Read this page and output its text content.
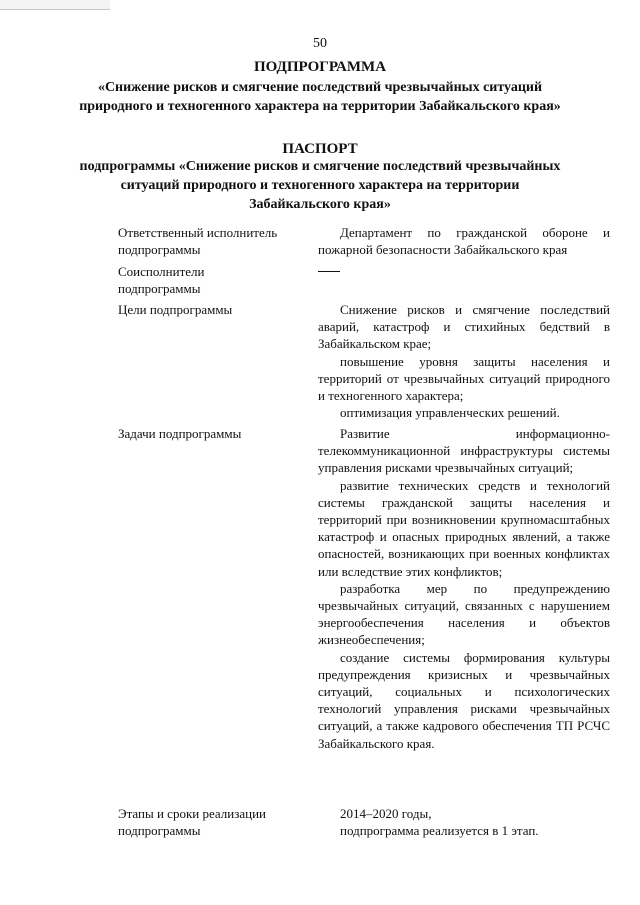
50
ПОДПРОГРАММА
«Снижение рисков и смягчение последствий чрезвычайных ситуаций природного и техногенного характера на территории Забайкальского края»
ПАСПОРТ
подпрограммы «Снижение рисков и смягчение последствий чрезвычайных ситуаций природного и техногенного характера на территории Забайкальского края»
Ответственный исполнитель подпрограммы

Департамент по гражданской обороне и пожарной безопасности Забайкальского края

Соисполнители подпрограммы
Цели подпрограммы	Снижение рисков и смягчение последствий аварий, катастроф и стихийных бедствий в Забайкальском крае;

повышение уровня защиты населения и территорий от чрезвычайных ситуаций природного и техногенного характера;

оптимизация управленческих решений.

Задачи подпрограммы	Развитие информационно-телекоммуникационной инфраструктуры системы управления рисками чрезвычайных ситуаций;

развитие технических средств и технологий системы гражданской защиты населения и территорий при возникновении крупномасштабных катастроф и опасных природных явлений, а также опасностей, возникающих при военных конфликтах или вследствие этих конфликтов;

разработка мер по предупреждению чрезвычайных ситуаций, связанных с нарушением энергообеспечения населения и объектов жизнеобеспечения;

создание системы формирования культуры предупреждения кризисных и чрезвычайных ситуаций, социальных и психологических технологий управления рисками чрезвычайных ситуаций, а также кадрового обеспечения ТП РСЧС Забайкальского края.

Этапы и сроки реализации подпрограммы

2014–2020 годы,

подпрограмма реализуется в 1 этап.
